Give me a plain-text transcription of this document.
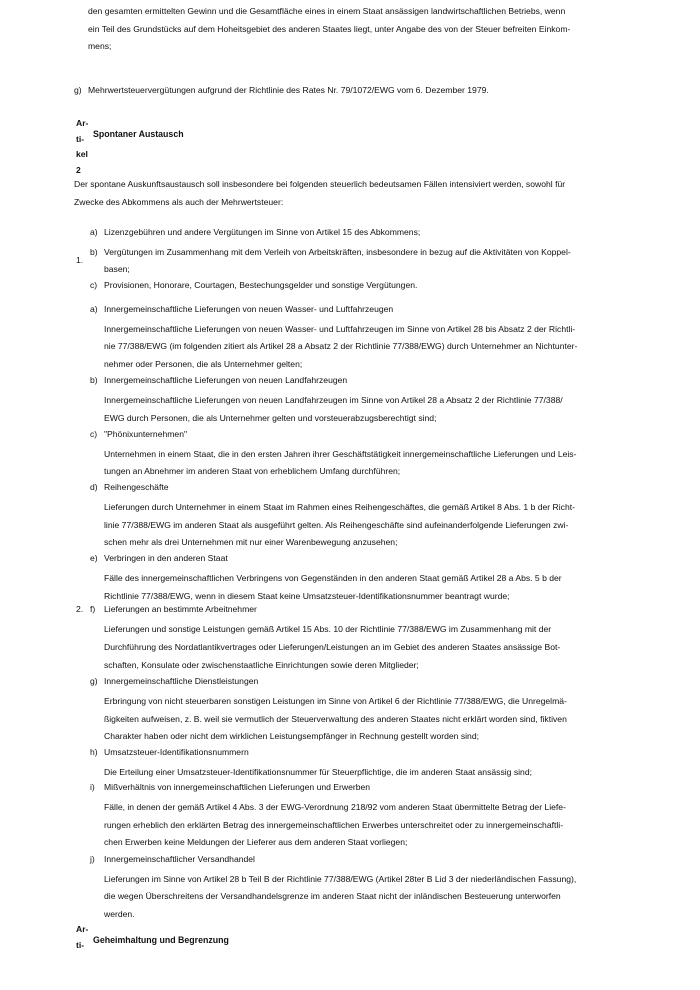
den gesamten ermittelten Gewinn und die Gesamtfläche eines in einem Staat ansässigen landwirtschaftlichen Betriebs, wenn
ein Teil des Grundstücks auf dem Hoheitsgebiet des anderen Staates liegt, unter Angabe des von der Steuer befreiten Einkom-
mens;
g) Mehrwertsteuervergütungen aufgrund der Richtlinie des Rates Nr. 79/1072/EWG vom 6. Dezember 1979.
Ar-
ti-
kel
2
Spontaner Austausch
Der spontane Auskunftsaustausch soll insbesondere bei folgenden steuerlich bedeutsamen Fällen intensiviert werden, sowohl für
Zwecke des Abkommens als auch der Mehrwertsteuer:
1.
a) Lizenzgebühren und andere Vergütungen im Sinne von Artikel 15 des Abkommens;
b) Vergütungen im Zusammenhang mit dem Verleih von Arbeitskräften, insbesondere in bezug auf die Aktivitäten von Koppel-
basen;
c) Provisionen, Honorare, Courtagen, Bestechungsgelder und sonstige Vergütungen.
2.
a) Innergemeinschaftliche Lieferungen von neuen Wasser- und Luftfahrzeugen
Innergemeinschaftliche Lieferungen von neuen Wasser- und Luftfahrzeugen im Sinne von Artikel 28 bis Absatz 2 der Richtli-
nie 77/388/EWG (im folgenden zitiert als Artikel 28 a Absatz 2 der Richtlinie 77/388/EWG) durch Unternehmer an Nichtunter-
nehmer oder Personen, die als Unternehmer gelten;
b) Innergemeinschaftliche Lieferungen von neuen Landfahrzeugen
Innergemeinschaftliche Lieferungen von neuen Landfahrzeugen im Sinne von Artikel 28 a Absatz 2 der Richtlinie 77/388/
EWG durch Personen, die als Unternehmer gelten und vorsteuerabzugsberechtigt sind;
c) "Phönixunternehmen"
Unternehmen in einem Staat, die in den ersten Jahren ihrer Geschäftstätigkeit innergemeinschaftliche Lieferungen und Leis-
tungen an Abnehmer im anderen Staat von erheblichem Umfang durchführen;
d) Reihengeschäfte
Lieferungen durch Unternehmer in einem Staat im Rahmen eines Reihengeschäftes, die gemäß Artikel 8 Abs. 1 b der Richt-
linie 77/388/EWG im anderen Staat als ausgeführt gelten. Als Reihengeschäfte sind aufeinanderfolgende Lieferungen zwi-
schen mehr als drei Unternehmen mit nur einer Warenbewegung anzusehen;
e) Verbringen in den anderen Staat
Fälle des innergemeinschaftlichen Verbringens von Gegenständen in den anderen Staat gemäß Artikel 28 a Abs. 5 b der
Richtlinie 77/388/EWG, wenn in diesem Staat keine Umsatzsteuer-Identifikationsnummer beantragt wurde;
f) Lieferungen an bestimmte Arbeitnehmer
Lieferungen und sonstige Leistungen gemäß Artikel 15 Abs. 10 der Richtlinie 77/388/EWG im Zusammenhang mit der
Durchführung des Nordatlantikvertrages oder Lieferungen/Leistungen an im Gebiet des anderen Staates ansässige Bot-
schaften, Konsulate oder zwischenstaatliche Einrichtungen sowie deren Mitglieder;
g) Innergemeinschaftliche Dienstleistungen
Erbringung von nicht steuerbaren sonstigen Leistungen im Sinne von Artikel 6 der Richtlinie 77/388/EWG, die Unregelmä-
ßigkeiten aufweisen, z. B. weil sie vermutlich der Steuerverwaltung des anderen Staates nicht erklärt worden sind, fiktiven
Charakter haben oder nicht dem wirklichen Leistungsempfänger in Rechnung gestellt worden sind;
h) Umsatzsteuer-Identifikationsnummern
Die Erteilung einer Umsatzsteuer-Identifikationsnummer für Steuerpflichtige, die im anderen Staat ansässig sind;
i) Mißverhältnis von innergemeinschaftlichen Lieferungen und Erwerben
Fälle, in denen der gemäß Artikel 4 Abs. 3 der EWG-Verordnung 218/92 vom anderen Staat übermittelte Betrag der Liefe-
rungen erheblich den erklärten Betrag des innergemeinschaftlichen Erwerbes unterschreitet oder zu innergemeinschaftli-
chen Erwerben keine Meldungen der Lieferer aus dem anderen Staat vorliegen;
j) Innergemeinschaftlicher Versandhandel
Lieferungen im Sinne von Artikel 28 b Teil B der Richtlinie 77/388/EWG (Artikel 28ter B Lid 3 der niederländischen Fassung),
die wegen Überschreitens der Versandhandelsgrenze im anderen Staat nicht der inländischen Besteuerung unterworfen
werden.
Ar-
ti- Geheimhaltung und Begrenzung
